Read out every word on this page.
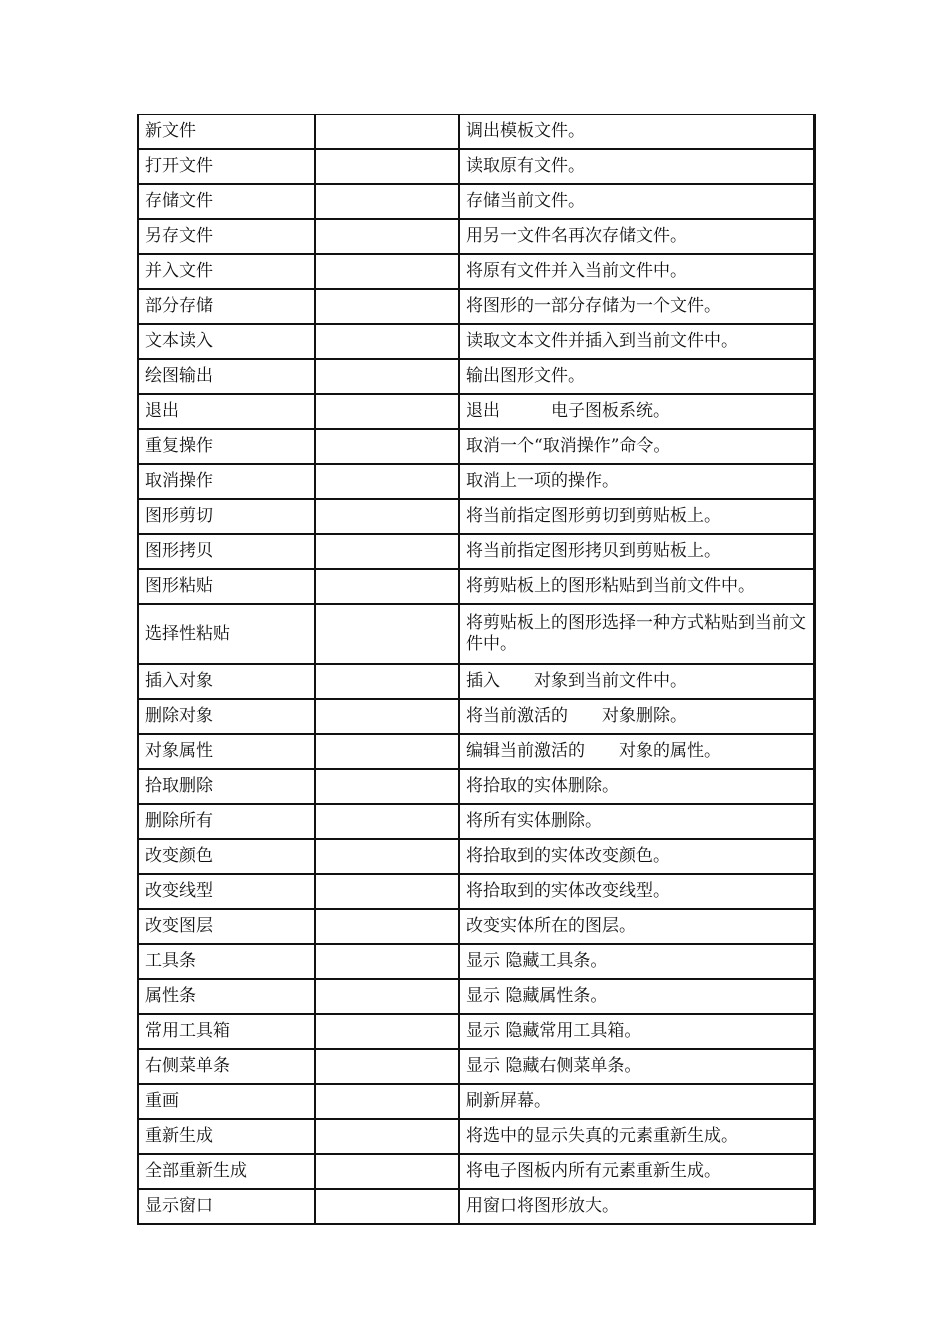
新文件		调出模板文件。
打开文件		读取原有文件。
存储文件		存储当前文件。
另存文件		用另一文件名再次存储文件。
并入文件		将原有文件并入当前文件中。
部分存储		将图形的一部分存储为一个文件。
文本读入		读取文本文件并插入到当前文件中。
绘图输出		输出图形文件。
退出		退出　　　电子图板系统。
重复操作		取消一个“取消操作”命令。
取消操作		取消上一项的操作。
图形剪切		将当前指定图形剪切到剪贴板上。
图形拷贝		将当前指定图形拷贝到剪贴板上。
图形粘贴		将剪贴板上的图形粘贴到当前文件中。
选择性粘贴		将剪贴板上的图形选择一种方式粘贴到当前文件中。
插入对象		插入　　对象到当前文件中。
删除对象		将当前激活的　　对象删除。
对象属性		编辑当前激活的　　对象的属性。
拾取删除		将拾取的实体删除。
删除所有		将所有实体删除。
改变颜色		将拾取到的实体改变颜色。
改变线型		将拾取到的实体改变线型。
改变图层		改变实体所在的图层。
工具条		显示 隐藏工具条。
属性条		显示 隐藏属性条。
常用工具箱		显示 隐藏常用工具箱。
右侧菜单条		显示 隐藏右侧菜单条。
重画		刷新屏幕。
重新生成		将选中的显示失真的元素重新生成。
全部重新生成		将电子图板内所有元素重新生成。
显示窗口		用窗口将图形放大。
